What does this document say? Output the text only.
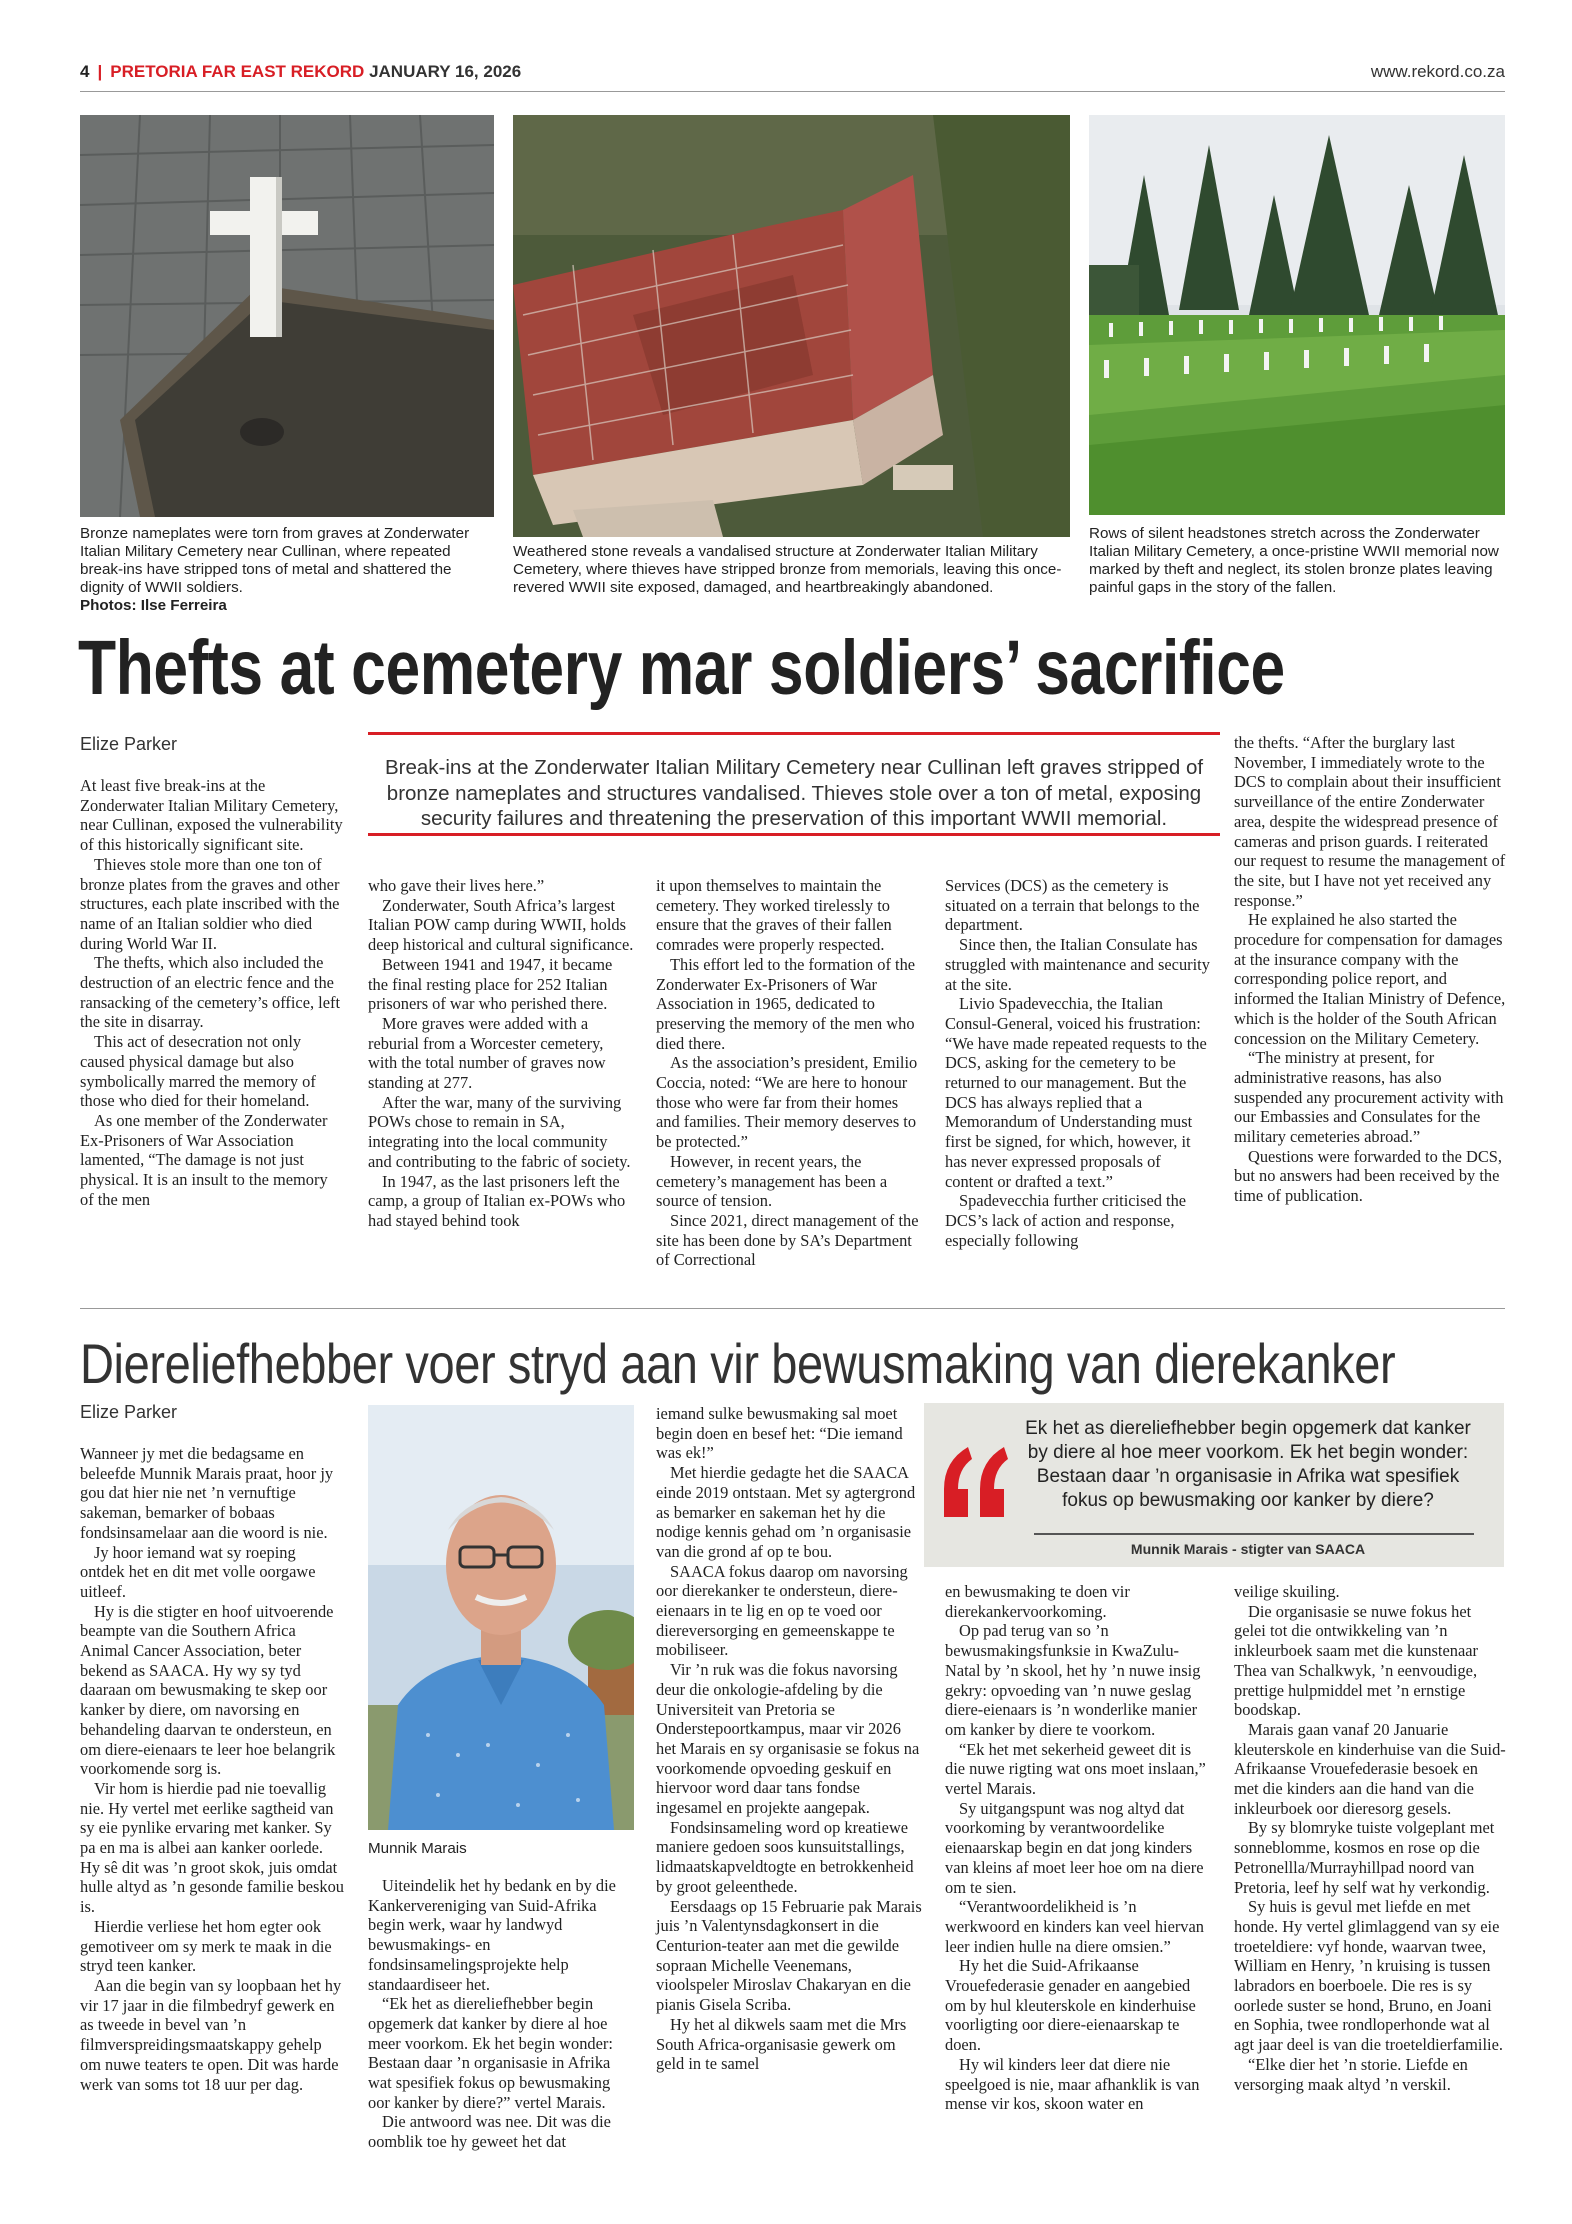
4 | PRETORIA FAR EAST REKORD JANUARY 16, 2026	www.rekord.co.za
Bronze nameplates were torn from graves at Zonderwater Italian Military Cemetery near Cullinan, where repeated break-ins have stripped tons of metal and shattered the dignity of WWII soldiers.
Photos: Ilse Ferreira
Weathered stone reveals a vandalised structure at Zonderwater Italian Military Cemetery, where thieves have stripped bronze from memorials, leaving this once-revered WWII site exposed, damaged, and heartbreakingly abandoned.
Rows of silent headstones stretch across the Zonderwater Italian Military Cemetery, a once-pristine WWII memorial now marked by theft and neglect, its stolen bronze plates leaving painful gaps in the story of the fallen.
Thefts at cemetery mar soldiers’ sacrifice
Elize Parker
Break-ins at the Zonderwater Italian Military Cemetery near Cullinan left graves stripped of bronze nameplates and structures vandalised. Thieves stole over a ton of metal, exposing security failures and threatening the preservation of this important WWII memorial.

At least five break-ins at the Zonderwater Italian Military Cemetery, near Cullinan, exposed the vulnerability of this historically significant site.

Thieves stole more than one ton of bronze plates from the graves and other structures, each plate inscribed with the name of an Italian soldier who died during World War II.

The thefts, which also included the destruction of an electric fence and the ransacking of the cemetery’s office, left the site in disarray.

This act of desecration not only caused physical damage but also symbolically marred the memory of those who died for their homeland.

As one member of the Zonderwater Ex-Prisoners of War Association lamented, “The damage is not just physical. It is an insult to the memory of the men

who gave their lives here.”

Zonderwater, South Africa’s largest Italian POW camp during WWII, holds deep historical and cultural significance.

Between 1941 and 1947, it became the final resting place for 252 Italian prisoners of war who perished there.

More graves were added with a reburial from a Worcester cemetery, with the total number of graves now standing at 277.

After the war, many of the surviving POWs chose to remain in SA, integrating into the local community and contributing to the fabric of society.

In 1947, as the last prisoners left the camp, a group of Italian ex-POWs who had stayed behind took

it upon themselves to maintain the cemetery. They worked tirelessly to ensure that the graves of their fallen comrades were properly respected.

This effort led to the formation of the Zonderwater Ex-Prisoners of War Association in 1965, dedicated to preserving the memory of the men who died there.

As the association’s president, Emilio Coccia, noted: “We are here to honour those who were far from their homes and families. Their memory deserves to be protected.”

However, in recent years, the cemetery’s management has been a source of tension.

Since 2021, direct management of the site has been done by SA’s Department of Correctional

Services (DCS) as the cemetery is situated on a terrain that belongs to the department.

Since then, the Italian Consulate has struggled with maintenance and security at the site.

Livio Spadevecchia, the Italian Consul-General, voiced his frustration: “We have made repeated requests to the DCS, asking for the cemetery to be returned to our management. But the DCS has always replied that a Memorandum of Understanding must first be signed, for which, however, it has never expressed proposals of content or drafted a text.”

Spadevecchia further criticised the DCS’s lack of action and response, especially following

the thefts. “After the burglary last November, I immediately wrote to the DCS to complain about their insufficient surveillance of the entire Zonderwater area, despite the widespread presence of cameras and prison guards. I reiterated our request to resume the management of the site, but I have not yet received any response.”

He explained he also started the procedure for compensation for damages at the insurance company with the corresponding police report, and informed the Italian Ministry of Defence, which is the holder of the South African concession on the Military Cemetery.

“The ministry at present, for administrative reasons, has also suspended any procurement activity with our Embassies and Consulates for the military cemeteries abroad.”

Questions were forwarded to the DCS, but no answers had been received by the time of publication.

Diereliefhebber voer stryd aan vir bewusmaking van dierekanker
Elize Parker
Munnik Marais
Ek het as diereliefhebber begin opgemerk dat kanker by diere al hoe meer voorkom. Ek het begin wonder: Bestaan daar ’n organisasie in Afrika wat spesifiek fokus op bewusmaking oor kanker by diere?
Munnik Marais - stigter van SAACA

Wanneer jy met die bedagsame en beleefde Munnik Marais praat, hoor jy gou dat hier nie net ’n vernuftige sakeman, bemarker of bobaas fondsinsamelaar aan die woord is nie.

Jy hoor iemand wat sy roeping ontdek het en dit met volle oorgawe uitleef.

Hy is die stigter en hoof uitvoerende beampte van die Southern Africa Animal Cancer Association, beter bekend as SAACA. Hy wy sy tyd daaraan om bewusmaking te skep oor kanker by diere, om navorsing en behandeling daarvan te ondersteun, en om diere-eienaars te leer hoe belangrik voorkomende sorg is.

Vir hom is hierdie pad nie toevallig nie. Hy vertel met eerlike sagtheid van sy eie pynlike ervaring met kanker. Sy pa en ma is albei aan kanker oorlede. Hy sê dit was ’n groot skok, juis omdat hulle altyd as ’n gesonde familie beskou is.

Hierdie verliese het hom egter ook gemotiveer om sy merk te maak in die stryd teen kanker.

Aan die begin van sy loopbaan het hy vir 17 jaar in die filmbedryf gewerk en as tweede in bevel van ’n filmverspreidingsmaatskappy gehelp om nuwe teaters te open. Dit was harde werk van soms tot 18 uur per dag.

Uiteindelik het hy bedank en by die Kankervereniging van Suid-Afrika begin werk, waar hy landwyd bewusmakings- en fondsinsamelingsprojekte help standaardiseer het.

“Ek het as diereliefhebber begin opgemerk dat kanker by diere al hoe meer voorkom. Ek het begin wonder: Bestaan daar ’n organisasie in Afrika wat spesifiek fokus op bewusmaking oor kanker by diere?” vertel Marais.

Die antwoord was nee. Dit was die oomblik toe hy geweet het dat

iemand sulke bewusmaking sal moet begin doen en besef het: “Die iemand was ek!”

Met hierdie gedagte het die SAACA einde 2019 ontstaan. Met sy agtergrond as bemarker en sakeman het hy die nodige kennis gehad om ’n organisasie van die grond af op te bou.

SAACA fokus daarop om navorsing oor dierekanker te ondersteun, diere-eienaars in te lig en op te voed oor diereversorging en gemeenskappe te mobiliseer.

Vir ’n ruk was die fokus navorsing deur die onkologie-afdeling by die Universiteit van Pretoria se Onderstepoortkampus, maar vir 2026 het Marais en sy organisasie se fokus na voorkomende opvoeding geskuif en hiervoor word daar tans fondse ingesamel en projekte aangepak.

Fondsinsameling word op kreatiewe maniere gedoen soos kunsuitstallings, lidmaatskapveldtogte en betrokkenheid by groot geleenthede.

Eersdaags op 15 Februarie pak Marais juis ’n Valentynsdagkonsert in die Centurion-teater aan met die gewilde sopraan Michelle Veenemans, vioolspeler Miroslav Chakaryan en die pianis Gisela Scriba.

Hy het al dikwels saam met die Mrs South Africa-organisasie gewerk om geld in te samel

en bewusmaking te doen vir dierekankervoorkoming.

Op pad terug van so ’n bewusmakingsfunksie in KwaZulu-Natal by ’n skool, het hy ’n nuwe insig gekry: opvoeding van ’n nuwe geslag diere-eienaars is ’n wonderlike manier om kanker by diere te voorkom.

“Ek het met sekerheid geweet dit is die nuwe rigting wat ons moet inslaan,” vertel Marais.

Sy uitgangspunt was nog altyd dat voorkoming by verantwoordelike eienaarskap begin en dat jong kinders van kleins af moet leer hoe om na diere om te sien.

“Verantwoordelikheid is ’n werkwoord en kinders kan veel hiervan leer indien hulle na diere omsien.”

Hy het die Suid-Afrikaanse Vrouefederasie genader en aangebied om by hul kleuterskole en kinderhuise voorligting oor diere-eienaarskap te doen.

Hy wil kinders leer dat diere nie speelgoed is nie, maar afhanklik is van mense vir kos, skoon water en

veilige skuiling.

Die organisasie se nuwe fokus het gelei tot die ontwikkeling van ’n inkleurboek saam met die kunstenaar Thea van Schalkwyk, ’n eenvoudige, prettige hulpmiddel met ’n ernstige boodskap.

Marais gaan vanaf 20 Januarie kleuterskole en kinderhuise van die Suid-Afrikaanse Vrouefederasie besoek en met die kinders aan die hand van die inkleurboek oor dieresorg gesels.

By sy blomryke tuiste volgeplant met sonneblomme, kosmos en rose op die Petronellla/Murrayhillpad noord van Pretoria, leef hy self wat hy verkondig.

Sy huis is gevul met liefde en met honde. Hy vertel glimlaggend van sy eie troeteldiere: vyf honde, waarvan twee, William en Henry, ’n kruising is tussen labradors en boerboele. Die res is sy oorlede suster se hond, Bruno, en Joani en Sophia, twee rondloperhonde wat al agt jaar deel is van die troeteldierfamilie.

“Elke dier het ’n storie. Liefde en versorging maak altyd ’n verskil.
